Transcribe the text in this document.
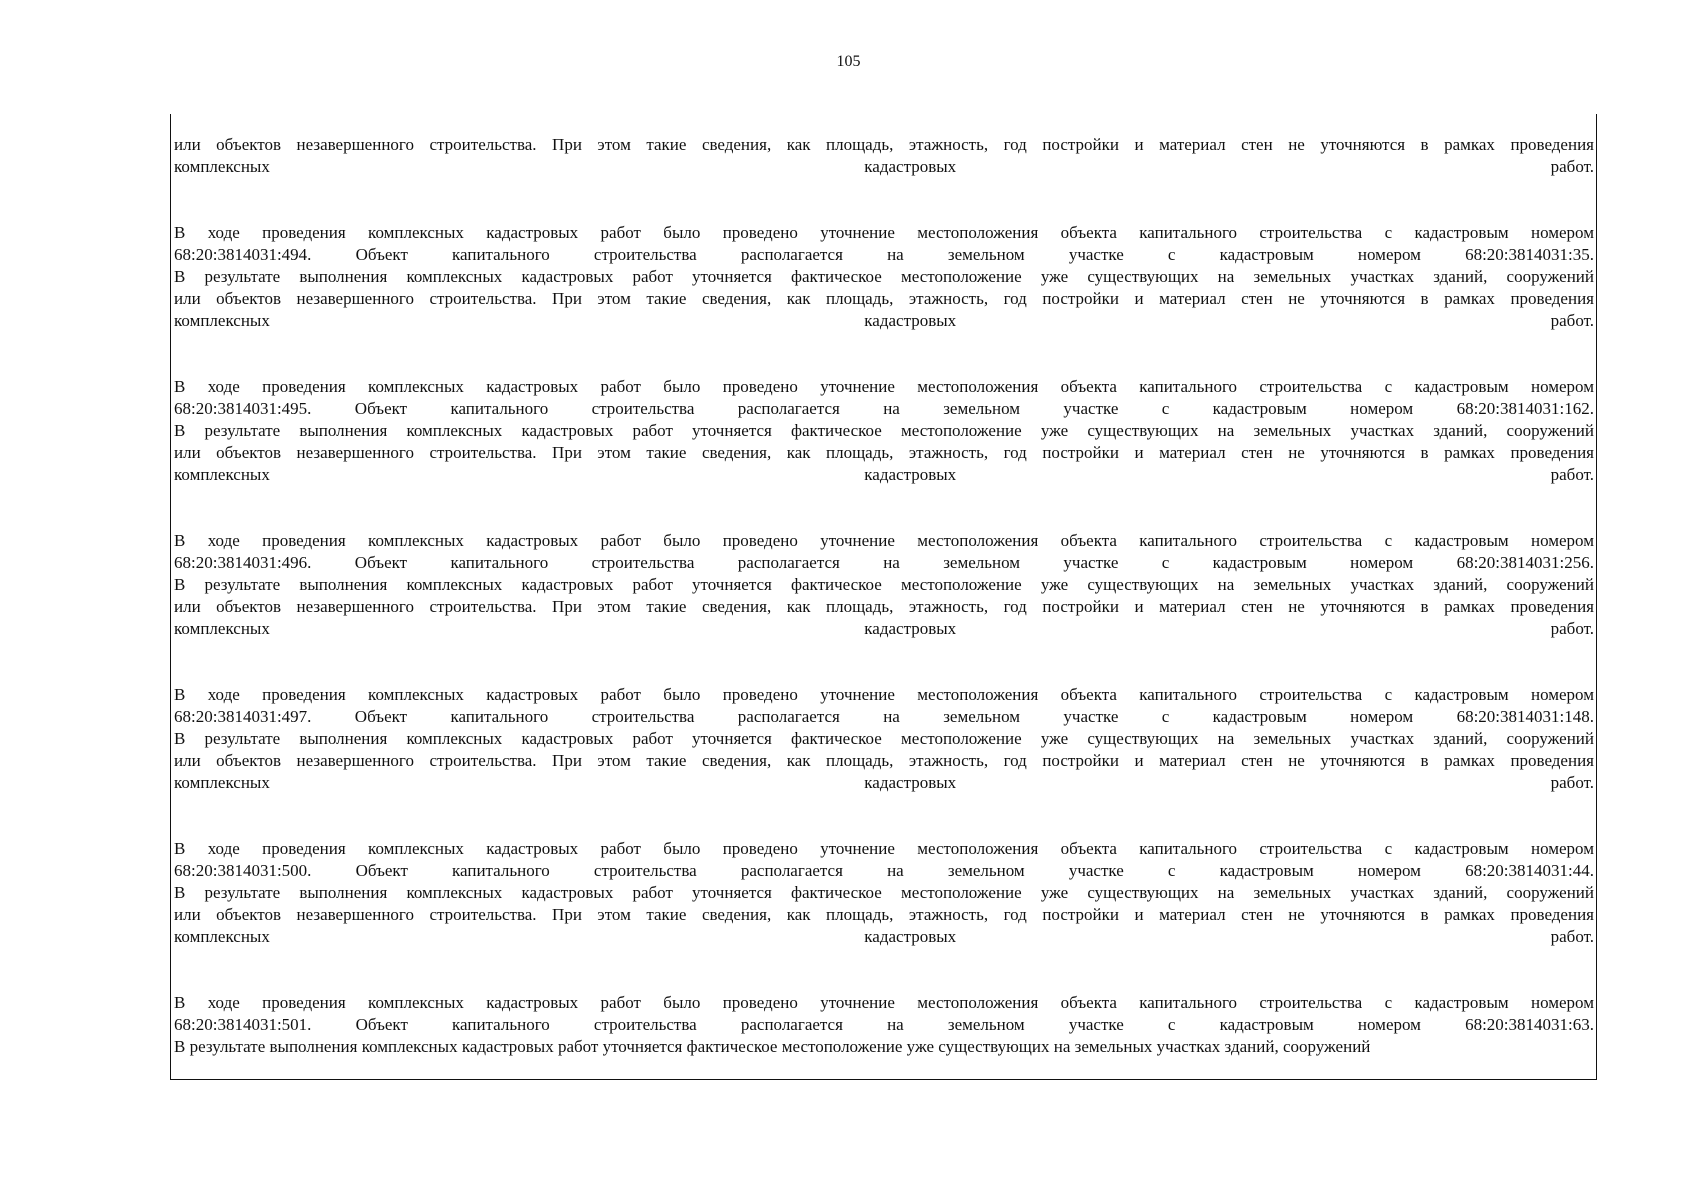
105
или объектов незавершенного строительства. При этом такие сведения, как площадь, этажность, год постройки и материал стен не уточняются в рамках проведения
комплексных кадастровых работ.
В ходе проведения комплексных кадастровых работ было проведено уточнение местоположения объекта капитального строительства с кадастровым номером
68:20:3814031:494. Объект капитального строительства располагается на земельном участке с кадастровым номером 68:20:3814031:35.
В результате выполнения комплексных кадастровых работ уточняется фактическое местоположение уже существующих на земельных участках зданий, сооружений
или объектов незавершенного строительства. При этом такие сведения, как площадь, этажность, год постройки и материал стен не уточняются в рамках проведения
комплексных кадастровых работ.
В ходе проведения комплексных кадастровых работ было проведено уточнение местоположения объекта капитального строительства с кадастровым номером
68:20:3814031:495. Объект капитального строительства располагается на земельном участке с кадастровым номером 68:20:3814031:162.
В результате выполнения комплексных кадастровых работ уточняется фактическое местоположение уже существующих на земельных участках зданий, сооружений
или объектов незавершенного строительства. При этом такие сведения, как площадь, этажность, год постройки и материал стен не уточняются в рамках проведения
комплексных кадастровых работ.
В ходе проведения комплексных кадастровых работ было проведено уточнение местоположения объекта капитального строительства с кадастровым номером
68:20:3814031:496. Объект капитального строительства располагается на земельном участке с кадастровым номером 68:20:3814031:256.
В результате выполнения комплексных кадастровых работ уточняется фактическое местоположение уже существующих на земельных участках зданий, сооружений
или объектов незавершенного строительства. При этом такие сведения, как площадь, этажность, год постройки и материал стен не уточняются в рамках проведения
комплексных кадастровых работ.
В ходе проведения комплексных кадастровых работ было проведено уточнение местоположения объекта капитального строительства с кадастровым номером
68:20:3814031:497. Объект капитального строительства располагается на земельном участке с кадастровым номером 68:20:3814031:148.
В результате выполнения комплексных кадастровых работ уточняется фактическое местоположение уже существующих на земельных участках зданий, сооружений
или объектов незавершенного строительства. При этом такие сведения, как площадь, этажность, год постройки и материал стен не уточняются в рамках проведения
комплексных кадастровых работ.
В ходе проведения комплексных кадастровых работ было проведено уточнение местоположения объекта капитального строительства с кадастровым номером
68:20:3814031:500. Объект капитального строительства располагается на земельном участке с кадастровым номером 68:20:3814031:44.
В результате выполнения комплексных кадастровых работ уточняется фактическое местоположение уже существующих на земельных участках зданий, сооружений
или объектов незавершенного строительства. При этом такие сведения, как площадь, этажность, год постройки и материал стен не уточняются в рамках проведения
комплексных кадастровых работ.
В ходе проведения комплексных кадастровых работ было проведено уточнение местоположения объекта капитального строительства с кадастровым номером
68:20:3814031:501. Объект капитального строительства располагается на земельном участке с кадастровым номером 68:20:3814031:63.
В результате выполнения комплексных кадастровых работ уточняется фактическое местоположение уже существующих на земельных участках зданий, сооружений
